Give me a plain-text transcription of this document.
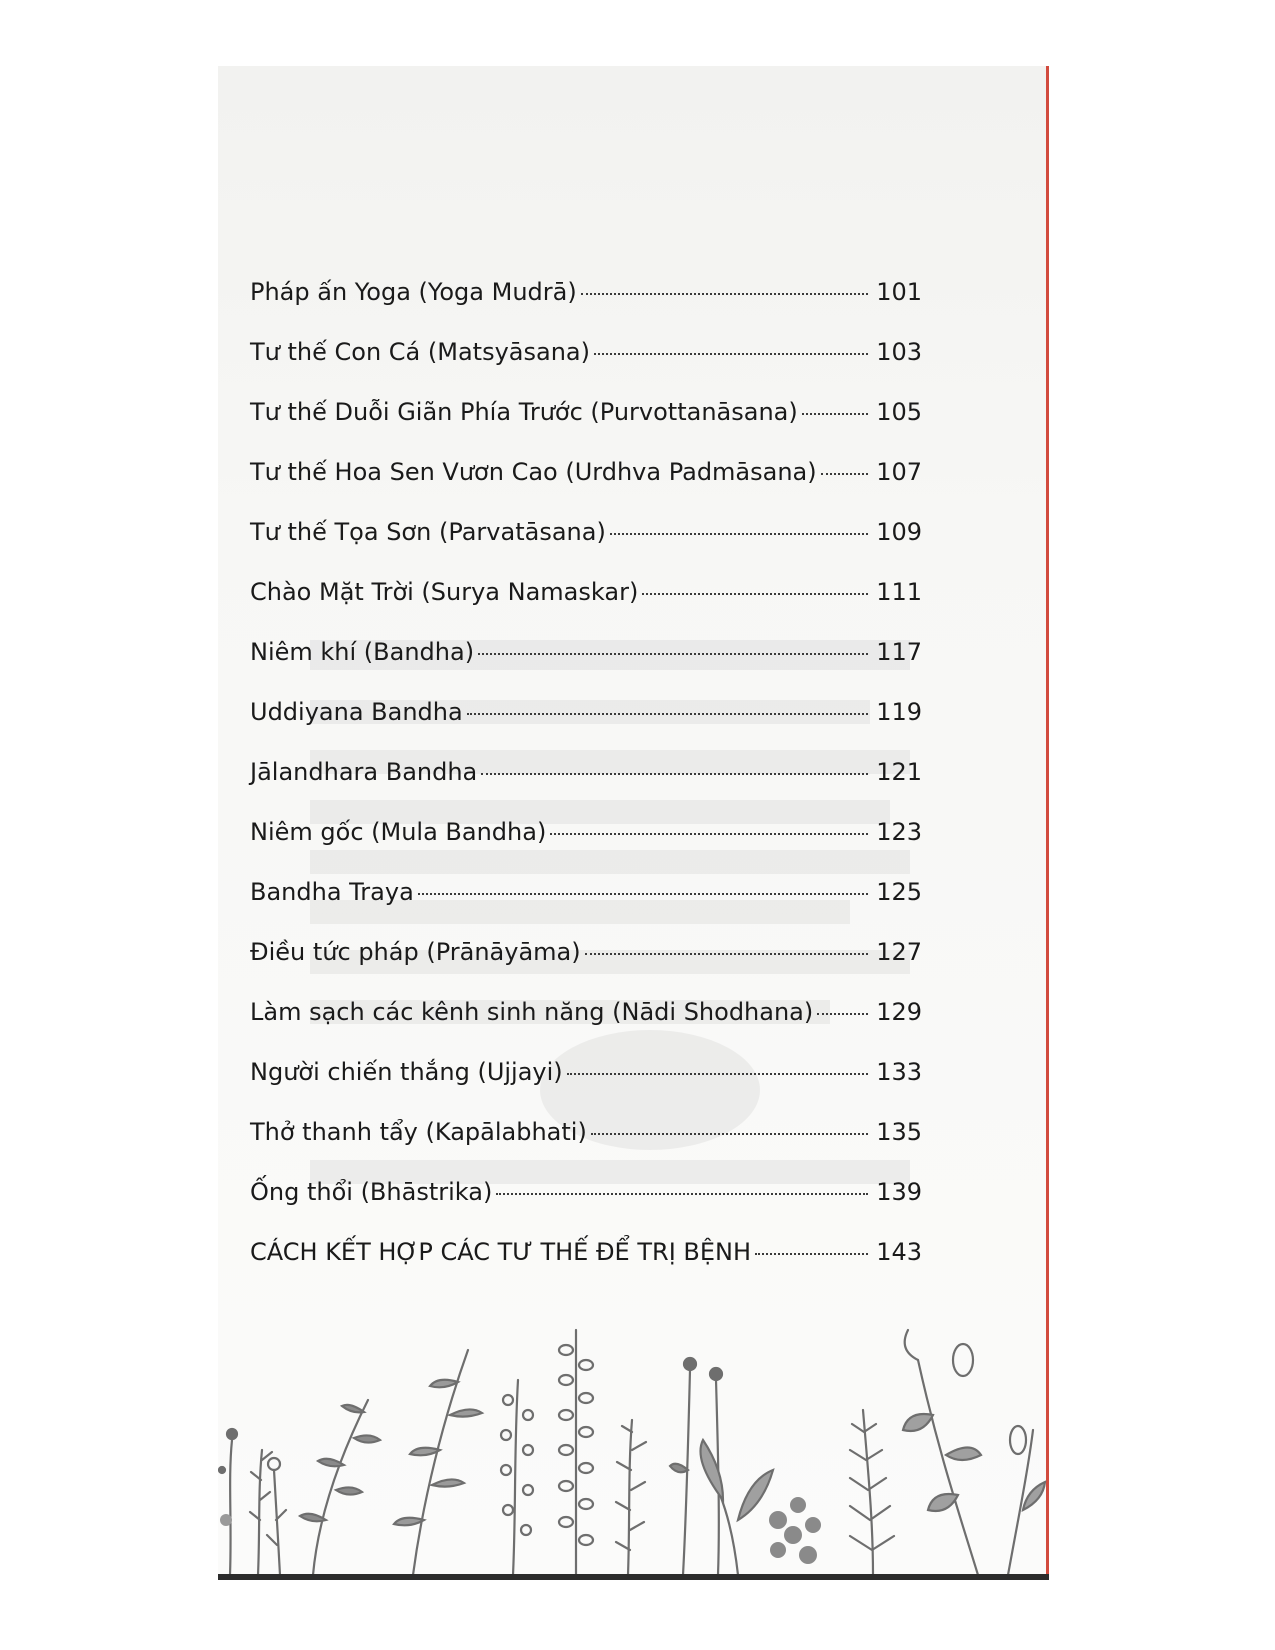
Pháp ấn Yoga (Yoga Mudrā)	101
Tư thế Con Cá (Matsyāsana)	103
Tư thế Duỗi Giãn Phía Trước (Purvottanāsana)	105
Tư thế Hoa Sen Vươn Cao (Urdhva Padmāsana) 107
Tư thế Tọa Sơn (Parvatāsana)	109
Chào Mặt Trời (Surya Namaskar)	111
Niêm khí (Bandha)	117
Uddiyana Bandha	119
Jālandhara Bandha	121
Niêm gốc (Mula Bandha)	123
Bandha Traya	125
Điều tức pháp (Prānāyāma)	127
Làm sạch các kênh sinh năng (Nādi Shodhana)	129
Người chiến thắng (Ujjayi)	133
Thở thanh tẩy (Kapālabhati)	135
Ống thổi (Bhāstrika)	139
CÁCH KẾT HỢP CÁC TƯ THẾ ĐỂ TRỊ BỆNH	143
